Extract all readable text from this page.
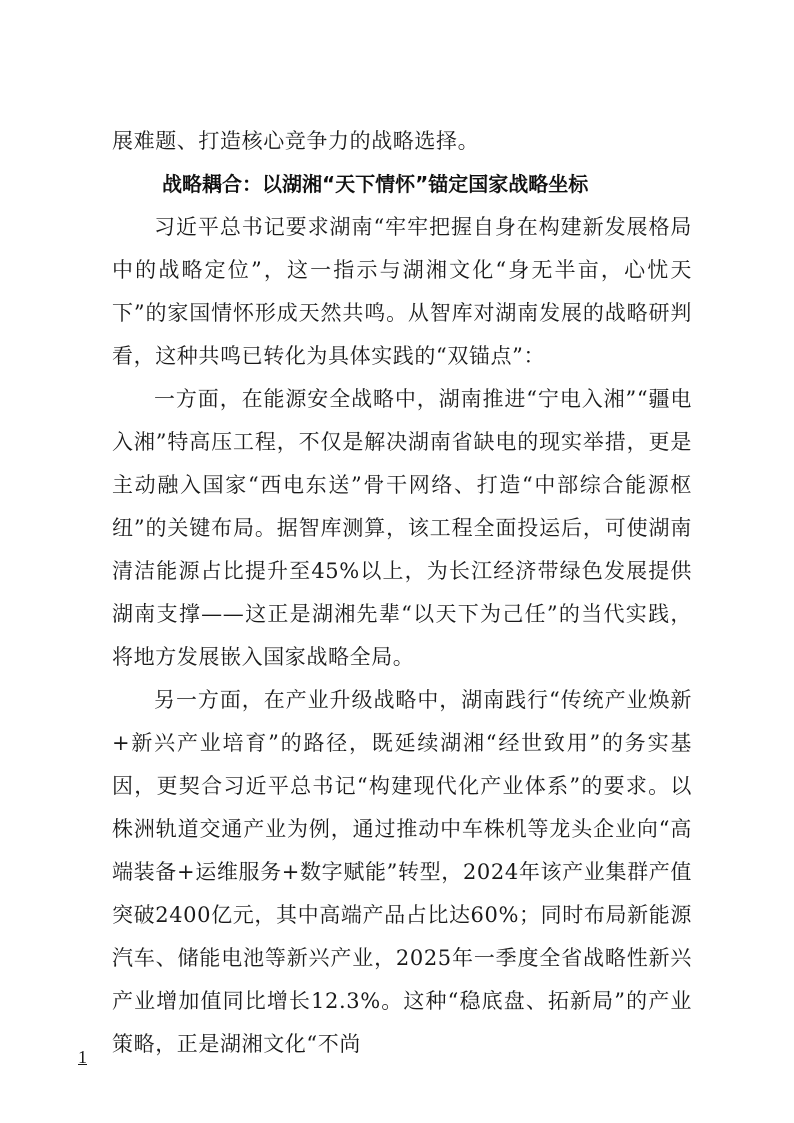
展难题、打造核心竞争力的战略选择。

战略耦合：以湖湘“天下情怀”锚定国家战略坐标

习近平总书记要求湖南“牢牢把握自身在构建新发展格局中的战略定位”，这一指示与湖湘文化“身无半亩，心忧天下”的家国情怀形成天然共鸣。从智库对湖南发展的战略研判看，这种共鸣已转化为具体实践的“双锚点”：

一方面，在能源安全战略中，湖南推进“宁电入湘”“疆电入湘”特高压工程，不仅是解决湖南省缺电的现实举措，更是主动融入国家“西电东送”骨干网络、打造“中部综合能源枢纽”的关键布局。据智库测算，该工程全面投运后，可使湖南清洁能源占比提升至45%以上，为长江经济带绿色发展提供湖南支撑——这正是湖湘先辈“以天下为己任”的当代实践，将地方发展嵌入国家战略全局。

另一方面，在产业升级战略中，湖南践行“传统产业焕新+新兴产业培育”的路径，既延续湖湘“经世致用”的务实基因，更契合习近平总书记“构建现代化产业体系”的要求。以株洲轨道交通产业为例，通过推动中车株机等龙头企业向“高端装备+运维服务+数字赋能”转型，2024年该产业集群产值突破2400亿元，其中高端产品占比达60%；同时布局新能源汽车、储能电池等新兴产业，2025年一季度全省战略性新兴产业增加值同比增长12.3%。这种“稳底盘、拓新局”的产业策略，正是湖湘文化“不尚

1
